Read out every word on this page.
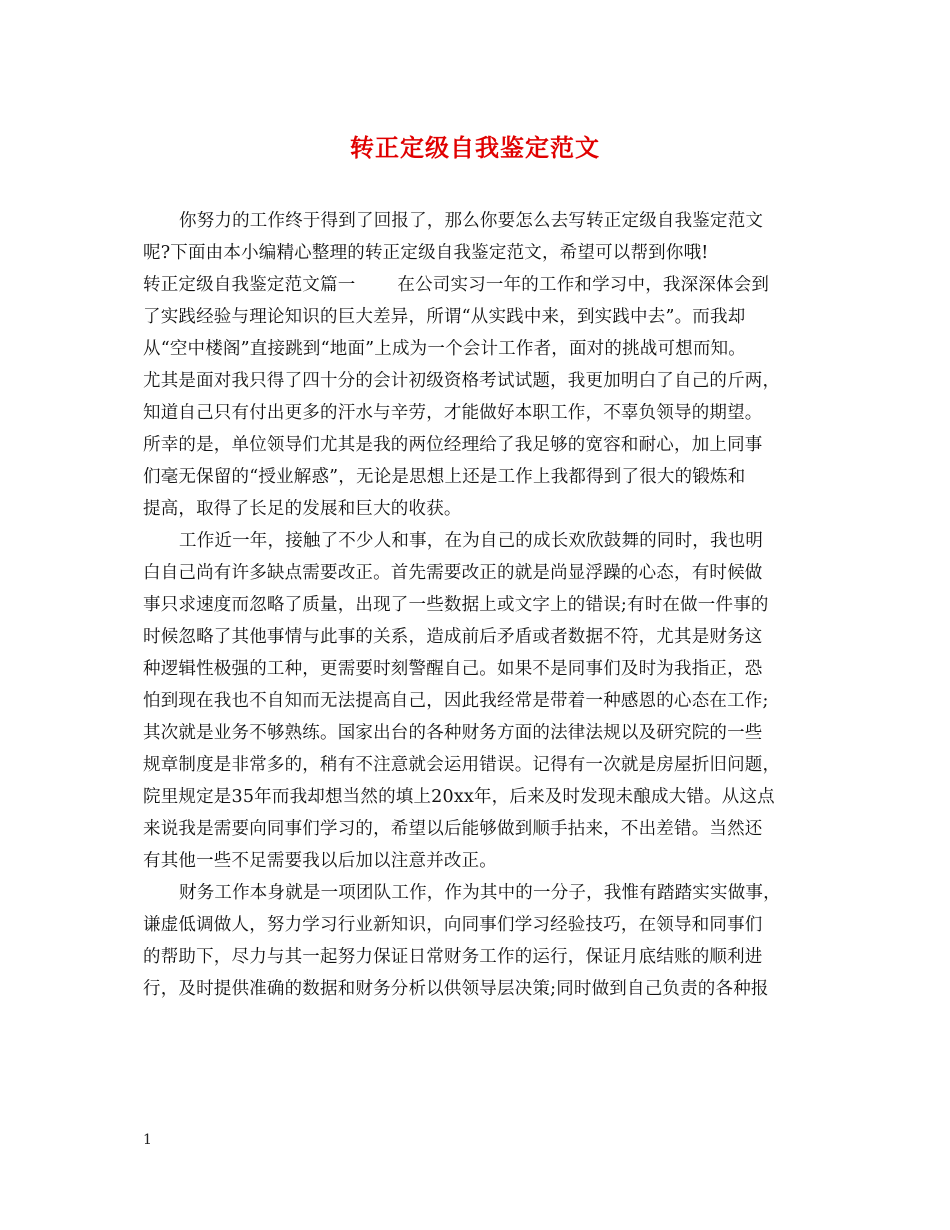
转正定级自我鉴定范文
你努力的工作终于得到了回报了，那么你要怎么去写转正定级自我鉴定范文
呢?下面由本小编精心整理的转正定级自我鉴定范文，希望可以帮到你哦!
转正定级自我鉴定范文篇一 在公司实习一年的工作和学习中，我深深体会到
了实践经验与理论知识的巨大差异，所谓“从实践中来，到实践中去”。而我却
从“空中楼阁”直接跳到“地面”上成为一个会计工作者，面对的挑战可想而知。
尤其是面对我只得了四十分的会计初级资格考试试题，我更加明白了自己的斤两，
知道自己只有付出更多的汗水与辛劳，才能做好本职工作，不辜负领导的期望。
所幸的是，单位领导们尤其是我的两位经理给了我足够的宽容和耐心，加上同事
们毫无保留的“授业解惑”，无论是思想上还是工作上我都得到了很大的锻炼和
提高，取得了长足的发展和巨大的收获。
工作近一年，接触了不少人和事，在为自己的成长欢欣鼓舞的同时，我也明
白自己尚有许多缺点需要改正。首先需要改正的就是尚显浮躁的心态，有时候做
事只求速度而忽略了质量，出现了一些数据上或文字上的错误;有时在做一件事的
时候忽略了其他事情与此事的关系，造成前后矛盾或者数据不符，尤其是财务这
种逻辑性极强的工种，更需要时刻警醒自己。如果不是同事们及时为我指正，恐
怕到现在我也不自知而无法提高自己，因此我经常是带着一种感恩的心态在工作;
其次就是业务不够熟练。国家出台的各种财务方面的法律法规以及研究院的一些
规章制度是非常多的，稍有不注意就会运用错误。记得有一次就是房屋折旧问题，
院里规定是35年而我却想当然的填上20xx年，后来及时发现未酿成大错。从这点
来说我是需要向同事们学习的，希望以后能够做到顺手拈来，不出差错。当然还
有其他一些不足需要我以后加以注意并改正。
财务工作本身就是一项团队工作，作为其中的一分子，我惟有踏踏实实做事，
谦虚低调做人，努力学习行业新知识，向同事们学习经验技巧，在领导和同事们
的帮助下，尽力与其一起努力保证日常财务工作的运行，保证月底结账的顺利进
行，及时提供准确的数据和财务分析以供领导层决策;同时做到自己负责的各种报
1
